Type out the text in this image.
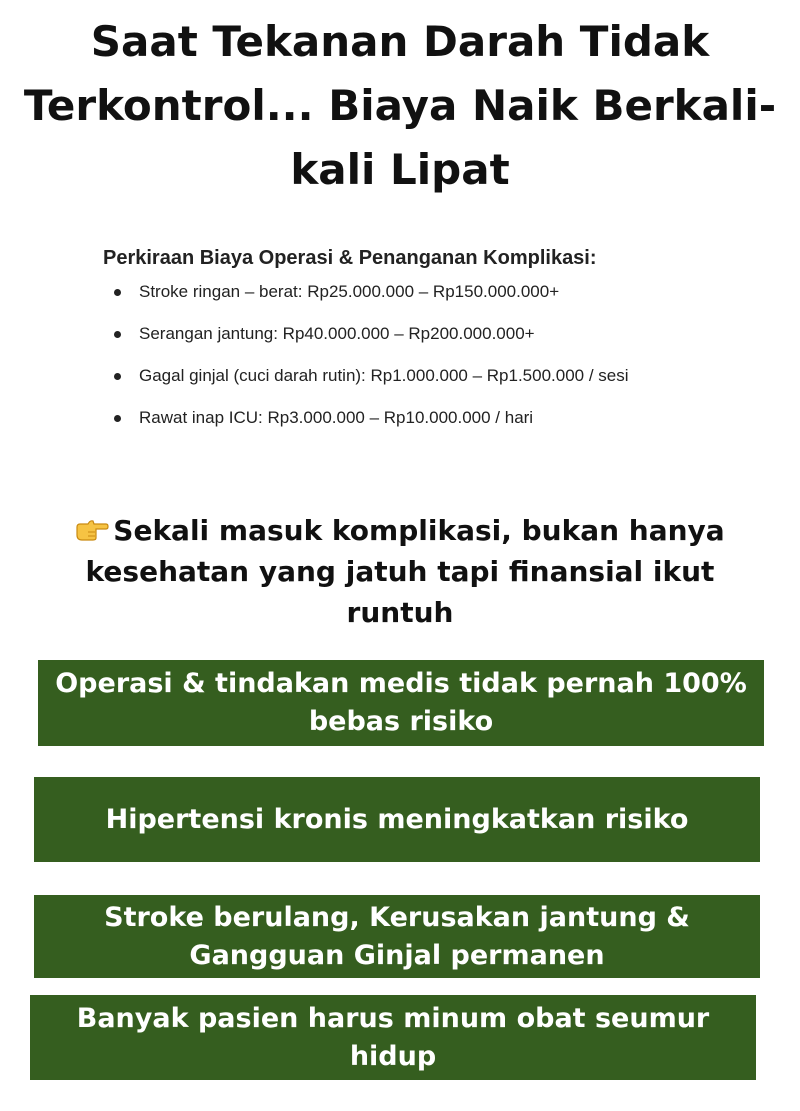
Saat Tekanan Darah Tidak Terkontrol... Biaya Naik Berkali-kali Lipat

Perkiraan Biaya Operasi & Penanganan Komplikasi:

Stroke ringan – berat: Rp25.000.000 – Rp150.000.000+
Serangan jantung: Rp40.000.000 – Rp200.000.000+
Gagal ginjal (cuci darah rutin): Rp1.000.000 – Rp1.500.000 / sesi
Rawat inap ICU: Rp3.000.000 – Rp10.000.000 / hari

Sekali masuk komplikasi, bukan hanya kesehatan yang jatuh tapi finansial ikut runtuh

Operasi & tindakan medis tidak pernah 100% bebas risiko
Hipertensi kronis meningkatkan risiko
Stroke berulang, Kerusakan jantung & Gangguan Ginjal permanen
Banyak pasien harus minum obat seumur hidup
